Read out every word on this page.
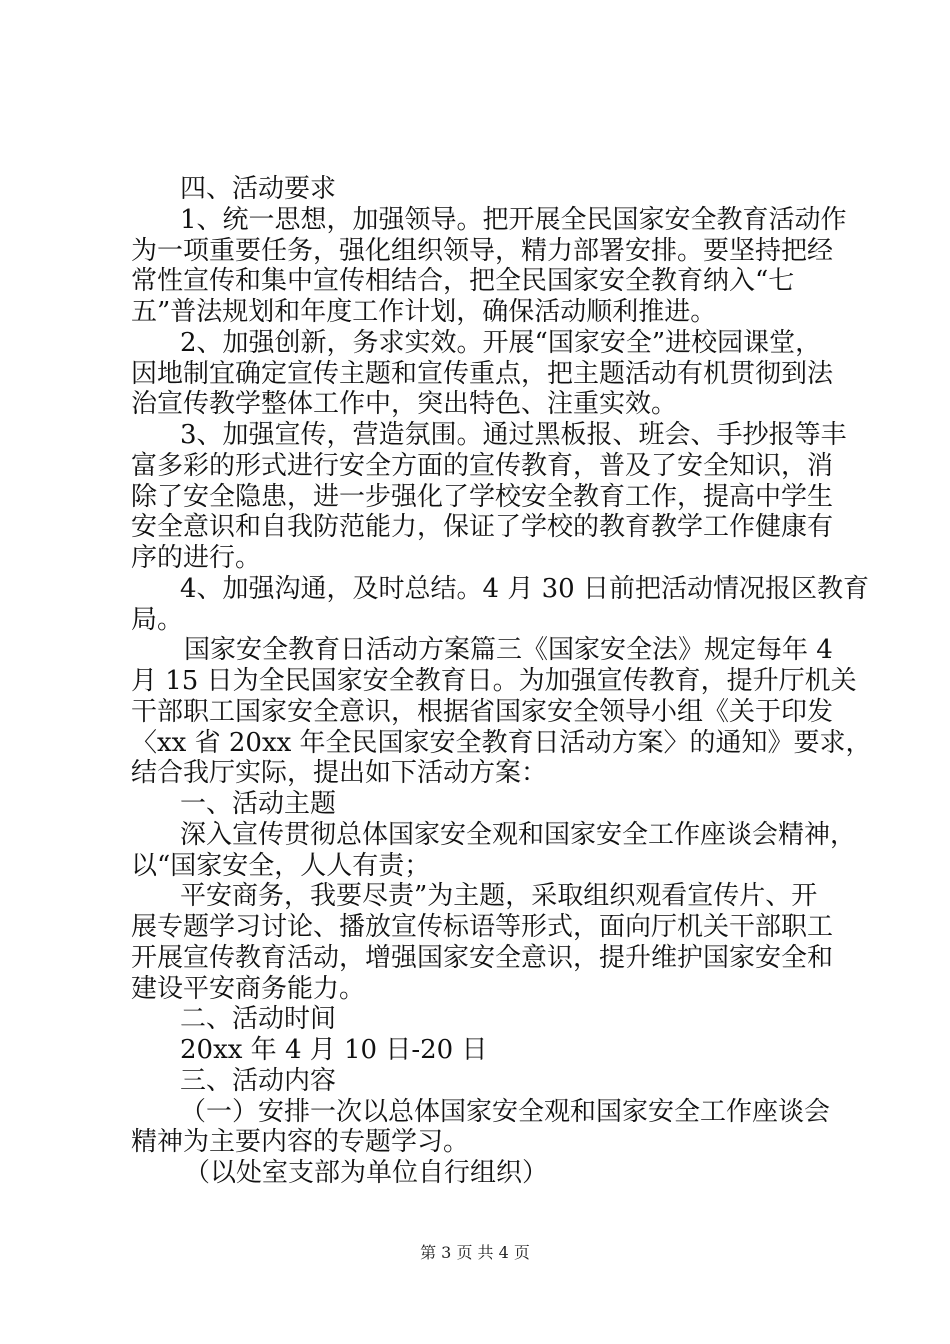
四、活动要求
1、统一思想，加强领导。把开展全民国家安全教育活动作
为一项重要任务，强化组织领导，精力部署安排。要坚持把经
常性宣传和集中宣传相结合，把全民国家安全教育纳入“七
五”普法规划和年度工作计划，确保活动顺利推进。
2、加强创新，务求实效。开展“国家安全”进校园课堂，
因地制宜确定宣传主题和宣传重点，把主题活动有机贯彻到法
治宣传教学整体工作中，突出特色、注重实效。
3、加强宣传，营造氛围。通过黑板报、班会、手抄报等丰
富多彩的形式进行安全方面的宣传教育，普及了安全知识，消
除了安全隐患，进一步强化了学校安全教育工作，提高中学生
安全意识和自我防范能力，保证了学校的教育教学工作健康有
序的进行。
4、加强沟通，及时总结。4 月 30 日前把活动情况报区教育
局。
国家安全教育日活动方案篇三《国家安全法》规定每年 4
月 15 日为全民国家安全教育日。为加强宣传教育，提升厅机关
干部职工国家安全意识，根据省国家安全领导小组《关于印发
〈xx 省 20xx 年全民国家安全教育日活动方案〉的通知》要求，
结合我厅实际，提出如下活动方案：
一、活动主题
深入宣传贯彻总体国家安全观和国家安全工作座谈会精神，
以“国家安全，人人有责；
平安商务，我要尽责”为主题，采取组织观看宣传片、开
展专题学习讨论、播放宣传标语等形式，面向厅机关干部职工
开展宣传教育活动，增强国家安全意识，提升维护国家安全和
建设平安商务能力。
二、活动时间
20xx 年 4 月 10 日-20 日
三、活动内容
（一）安排一次以总体国家安全观和国家安全工作座谈会
精神为主要内容的专题学习。
（以处室支部为单位自行组织）
第 3 页 共 4 页
